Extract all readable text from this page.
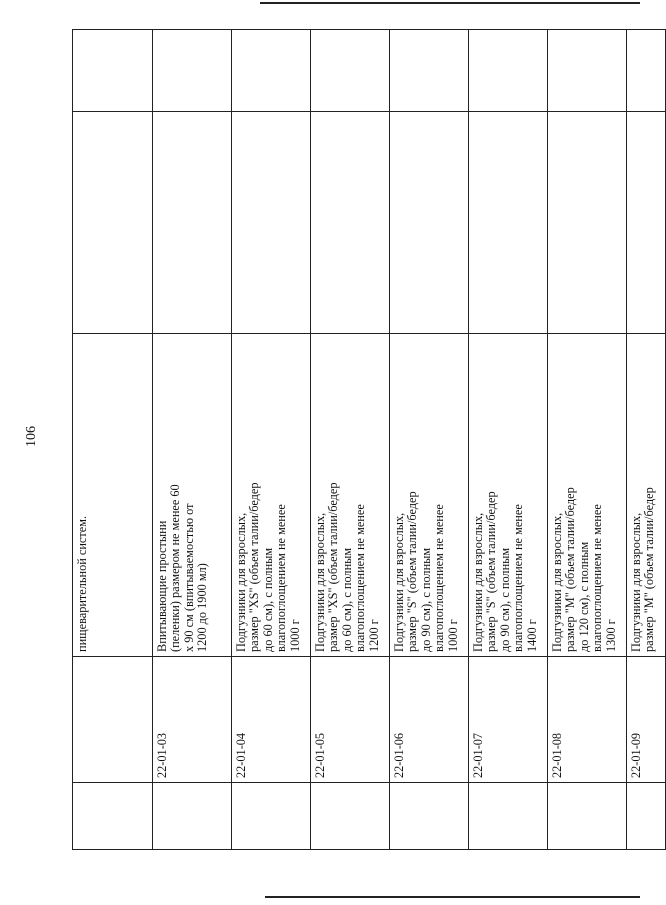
106
		пищеварительной систем.		
	22-01-03	Впитывающие простыни
(пеленки) размером не менее 60
х 90 см (впитываемостью от
1200 до 1900 мл)		
	22-01-04	Подгузники для взрослых,
размер "XS" (объем талии/бедер
до 60 см), с полным
влагопоглощением не менее
1000 г		
	22-01-05	Подгузники для взрослых,
размер "XS" (объем талии/бедер
до 60 см), с полным
влагопоглощением не менее
1200 г		
	22-01-06	Подгузники для взрослых,
размер "S" (объем талии/бедер
до 90 см), с полным
влагопоглощением не менее
1000 г		
	22-01-07	Подгузники для взрослых,
размер "S" (объем талии/бедер
до 90 см), с полным
влагопоглощением не менее
1400 г		
	22-01-08	Подгузники для взрослых,
размер "M" (объем талии/бедер
до 120 см), с полным
влагопоглощением не менее
1300 г		
	22-01-09	Подгузники для взрослых,
размер "M" (объем талии/бедер		
